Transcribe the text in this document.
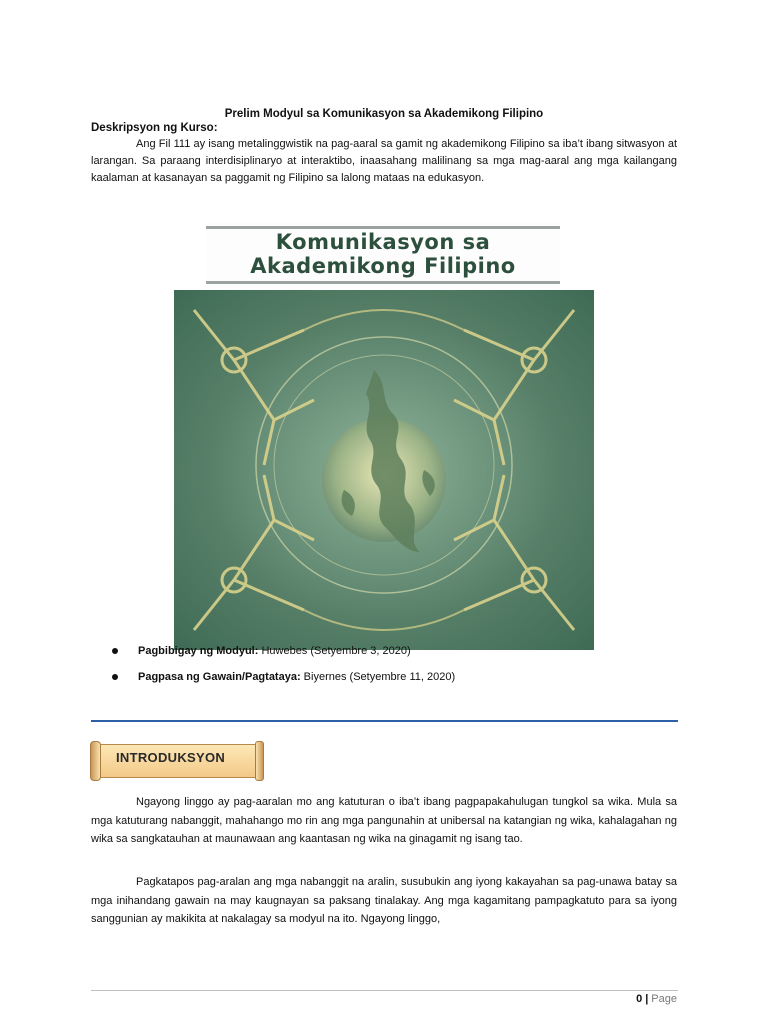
Prelim Modyul sa Komunikasyon sa Akademikong Filipino
Deskripsyon ng Kurso:

Ang Fil 111 ay isang metalinggwistik na pag-aaral sa gamit ng akademikong Filipino sa iba’t ibang sitwasyon at larangan. Sa paraang interdisiplinaryo at interaktibo, inaasahang malilinang sa mga mag-aaral ang mga kailangang kaalaman at kasanayan sa paggamit ng Filipino sa lalong mataas na edukasyon.

Komunikasyon sa
Akademikong Filipino
Pagbibigay ng Modyul: Huwebes (Setyembre 3, 2020)
Pagpasa ng Gawain/Pagtataya: Biyernes (Setyembre 11, 2020)
INTRODUKSYON

Ngayong linggo ay pag-aaralan mo ang katuturan o iba’t ibang pagpapakahulugan tungkol sa wika. Mula sa mga katuturang nabanggit, mahahango mo rin ang mga pangunahin at unibersal na katangian ng wika, kahalagahan ng wika sa sangkatauhan at maunawaan ang kaantasan ng wika na ginagamit ng isang tao.

Pagkatapos pag-aralan ang mga nabanggit na aralin, susubukin ang iyong kakayahan sa pag-unawa batay sa mga inihandang gawain na may kaugnayan sa paksang tinalakay. Ang mga kagamitang pampagkatuto para sa iyong sanggunian ay makikita at nakalagay sa modyul na ito. Ngayong linggo,

0 | Page
